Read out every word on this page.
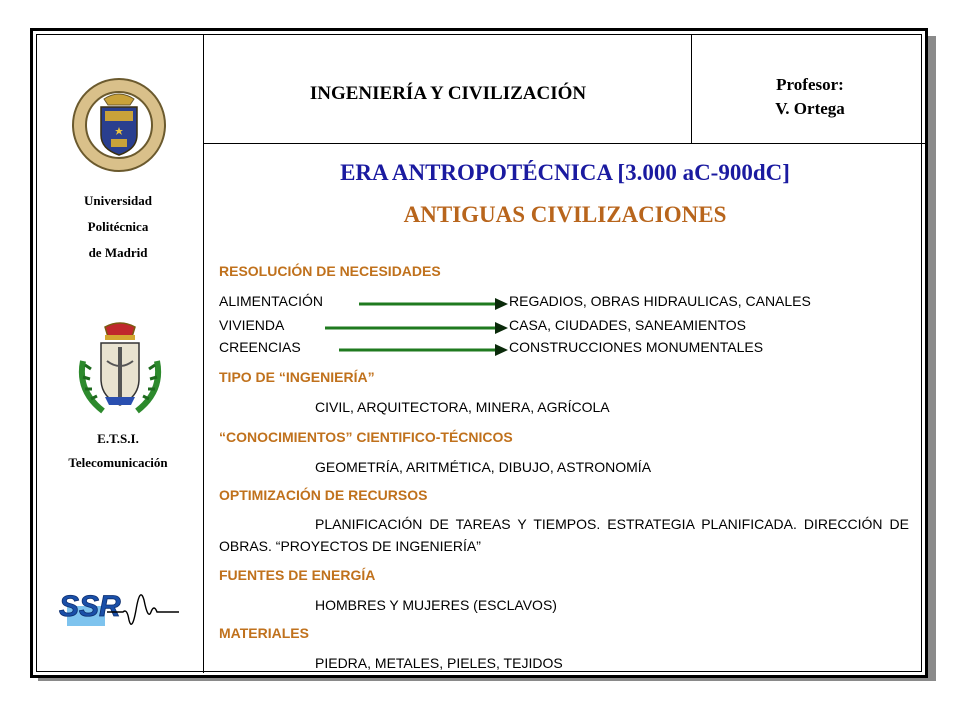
Universidad
Politécnica
de Madrid
E.T.S.I.
Telecomunicación
SSR
INGENIERÍA Y CIVILIZACIÓN	Profesor:
V. Ortega
ERA ANTROPOTÉCNICA [3.000 aC-900dC]
ANTIGUAS CIVILIZACIONES
RESOLUCIÓN DE NECESIDADES
ALIMENTACIÓN	REGADIOS, OBRAS HIDRAULICAS, CANALES
VIVIENDA	CASA, CIUDADES, SANEAMIENTOS
CREENCIAS	CONSTRUCCIONES MONUMENTALES
TIPO DE “INGENIERÍA”
CIVIL, ARQUITECTORA, MINERA, AGRÍCOLA
“CONOCIMIENTOS” CIENTIFICO-TÉCNICOS
GEOMETRÍA, ARITMÉTICA, DIBUJO, ASTRONOMÍA
OPTIMIZACIÓN DE RECURSOS
PLANIFICACIÓN DE TAREAS Y TIEMPOS. ESTRATEGIA PLANIFICADA. DIRECCIÓN DE OBRAS. “PROYECTOS DE INGENIERÍA”
FUENTES DE ENERGÍA
HOMBRES Y MUJERES (ESCLAVOS)
MATERIALES
PIEDRA, METALES, PIELES, TEJIDOS
